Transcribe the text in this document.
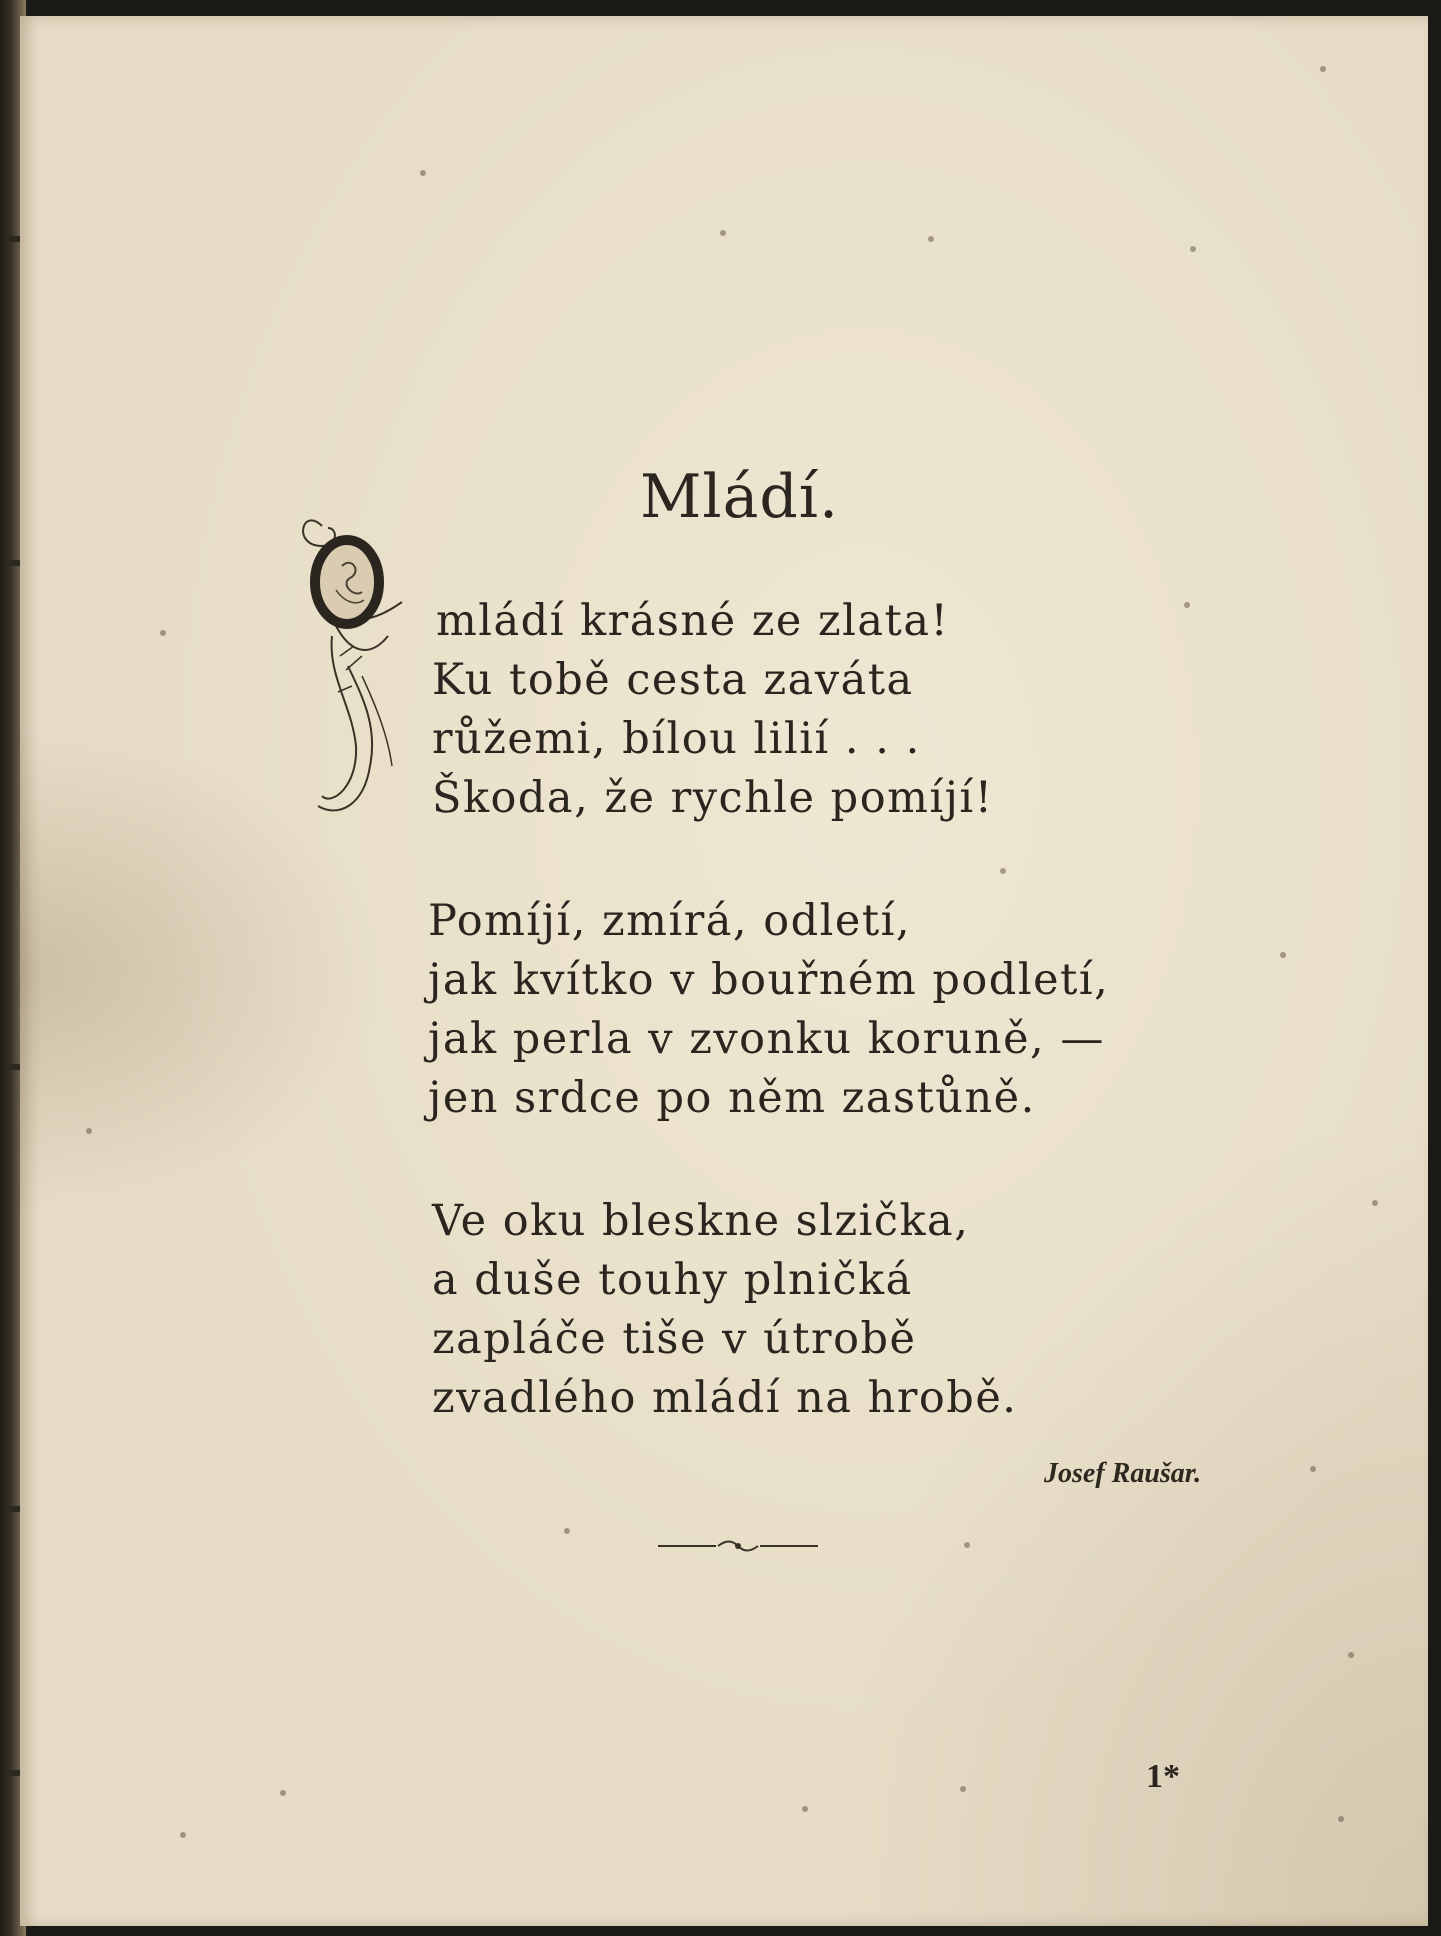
Mládí.
mládí krásné ze zlata!
Ku tobě cesta zaváta
růžemi, bílou lilií . . .
Škoda, že rychle pomíjí!
Pomíjí, zmírá, odletí,
jak kvítko v bouřném podletí,
jak perla v zvonku koruně, —
jen srdce po něm zastůně.
Ve oku bleskne slzička,
a duše touhy plničká
zapláče tiše v útrobě
zvadlého mládí na hrobě.
Josef Raušar.
1*
